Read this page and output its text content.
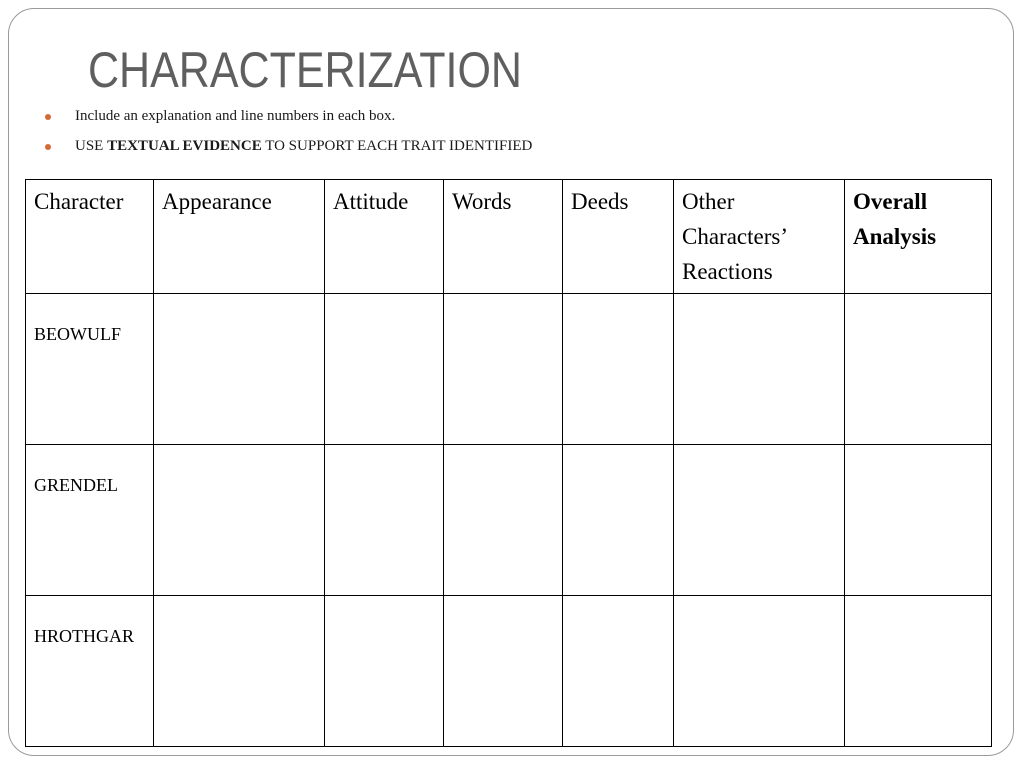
CHARACTERIZATION
Include an explanation and line numbers in each box.
USE TEXTUAL EVIDENCE TO SUPPORT EACH TRAIT IDENTIFIED
Character	Appearance	Attitude	Words	Deeds	Other Characters’ Reactions	Overall Analysis
BEOWULF						
GRENDEL						
HROTHGAR						
